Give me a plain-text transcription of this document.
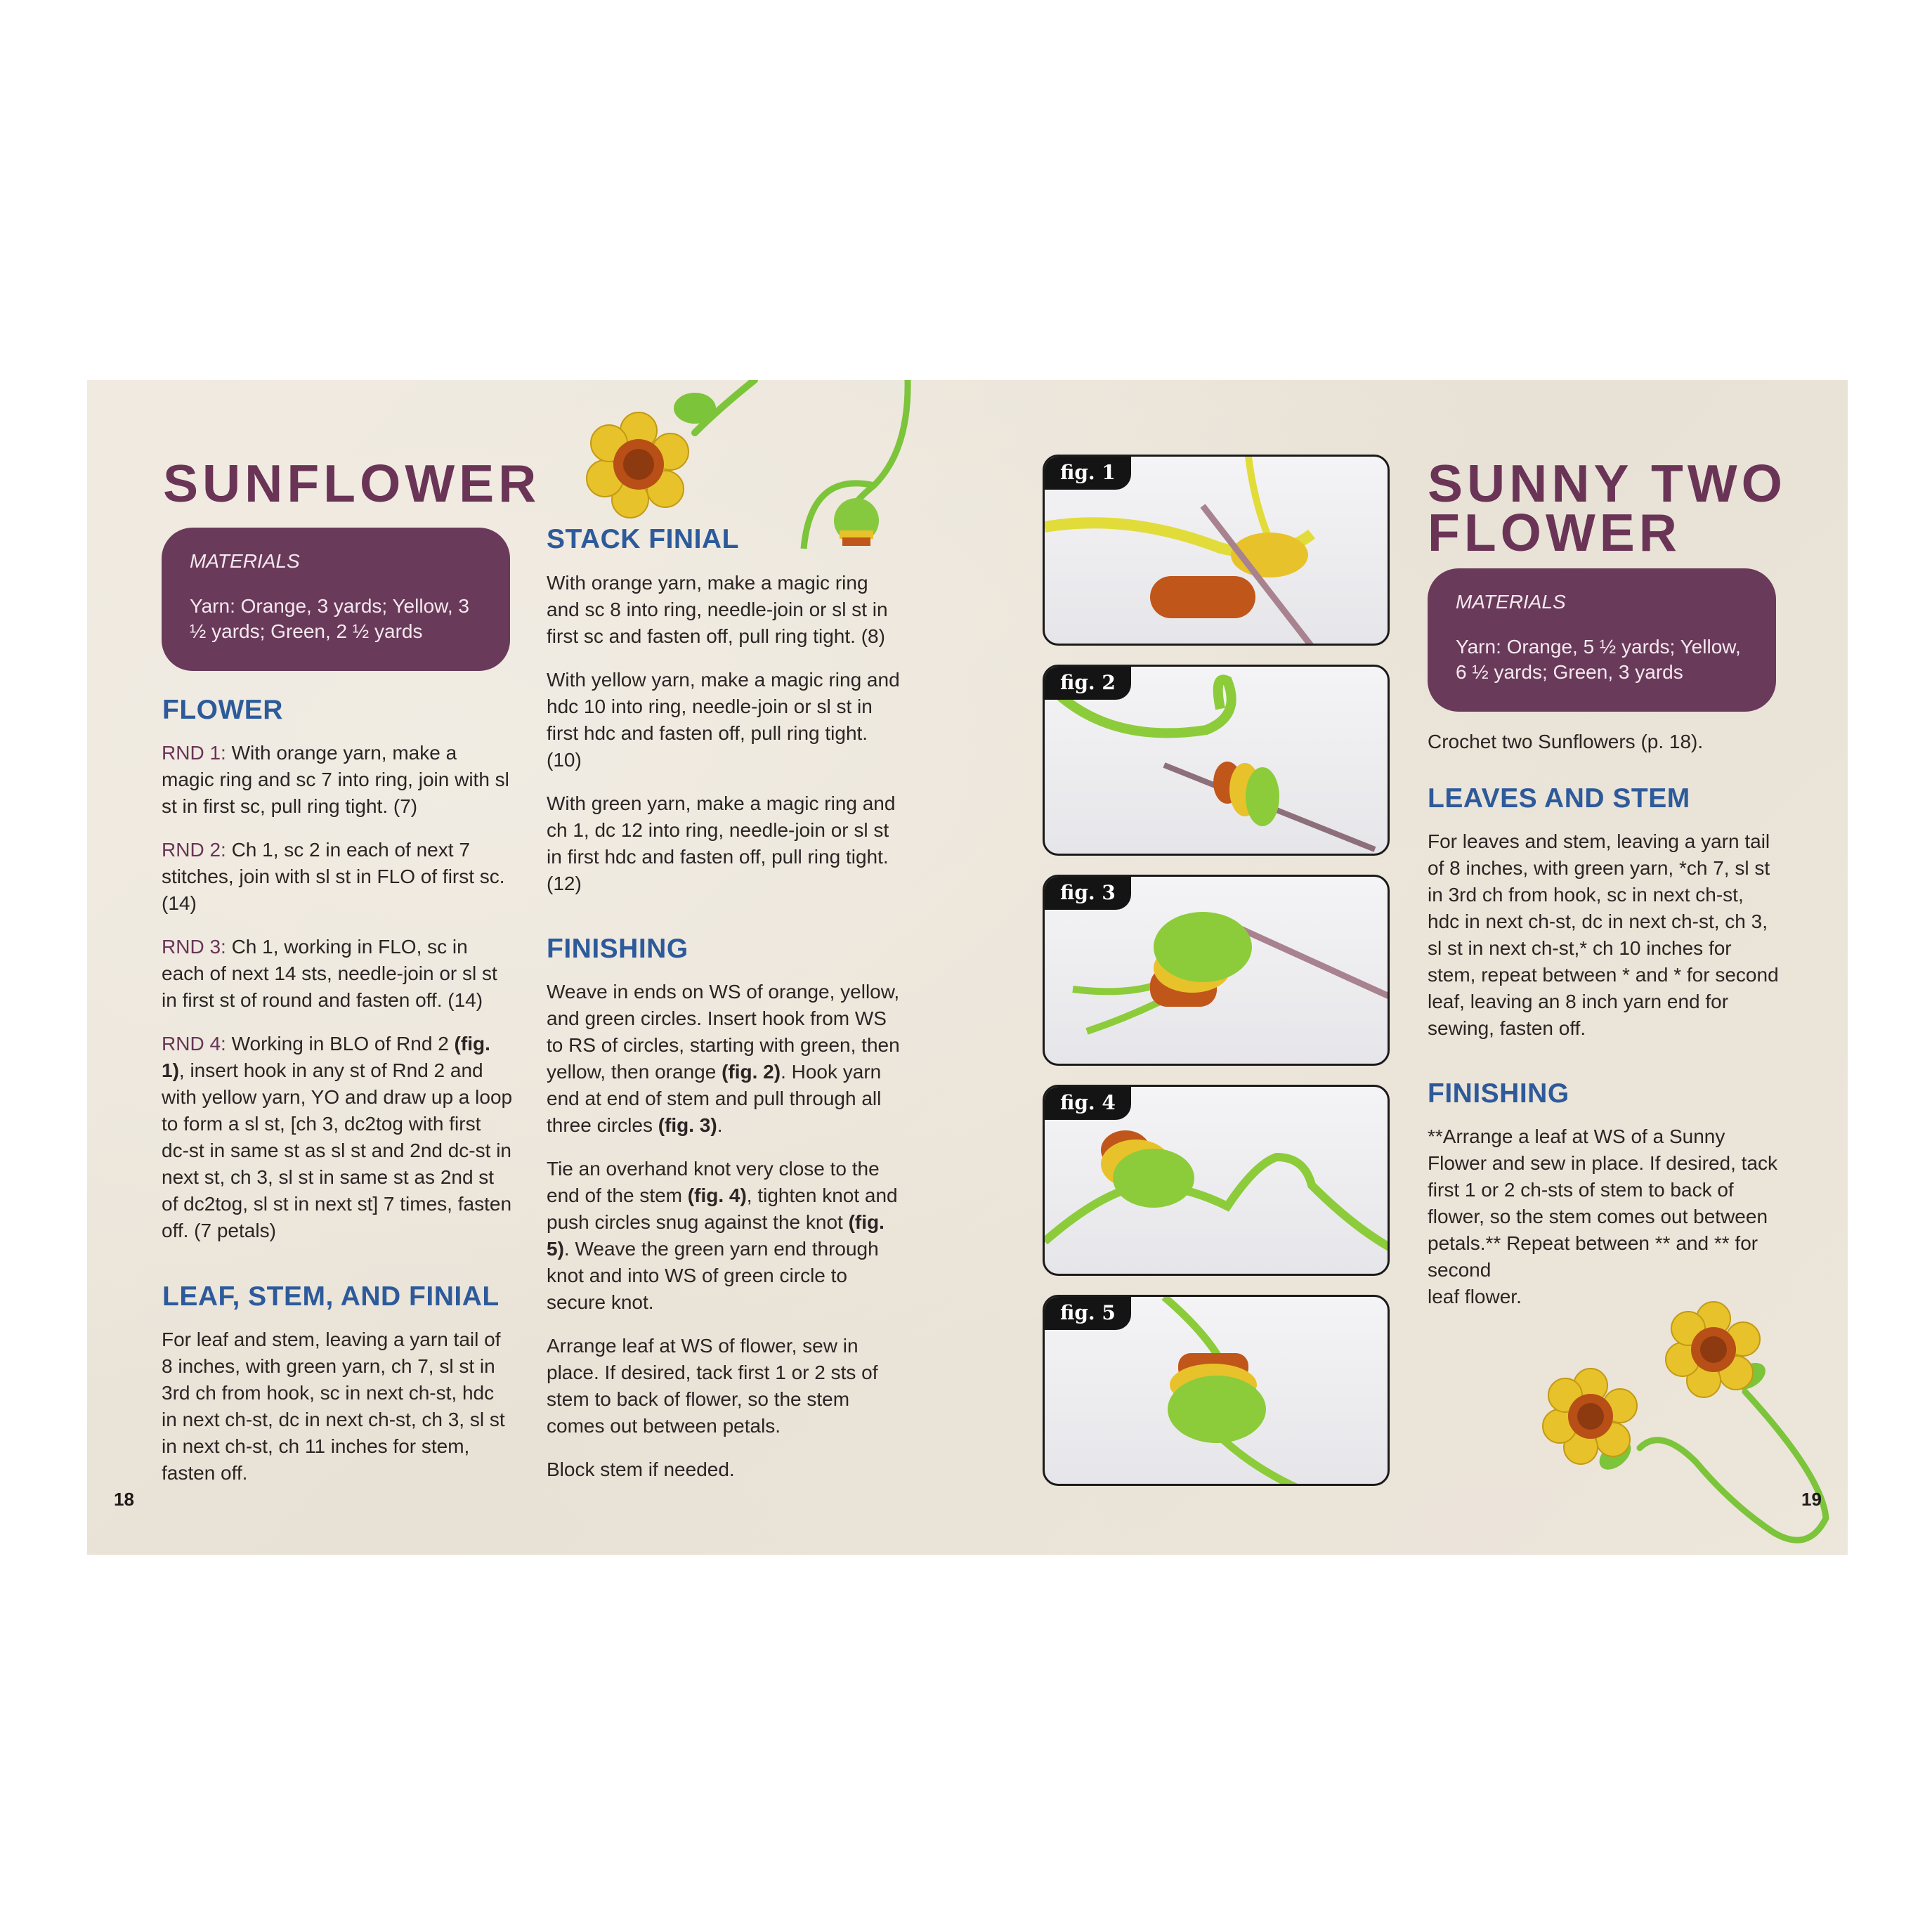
SUNFLOWER
MATERIALS
Yarn: Orange, 3 yards; Yellow, 3 ½ yards; Green, 2 ½ yards
FLOWER

RND 1: With orange yarn, make a magic ring and sc 7 into ring, join with sl st in first sc, pull ring tight. (7)

RND 2: Ch 1, sc 2 in each of next 7 stitches, join with sl st in FLO of first sc. (14)

RND 3: Ch 1, working in FLO, sc in each of next 14 sts, needle-join or sl st in first st of round and fasten off. (14)

RND 4: Working in BLO of Rnd 2 (fig. 1), insert hook in any st of Rnd 2 and with yellow yarn, YO and draw up a loop to form a sl st, [ch 3, dc2tog with first dc-st in same st as sl st and 2nd dc-st in next st, ch 3, sl st in same st as 2nd st of dc2tog, sl st in next st] 7 times, fasten off. (7 petals)

LEAF, STEM, AND FINIAL

For leaf and stem, leaving a yarn tail of 8 inches, with green yarn, ch 7, sl st in 3rd ch from hook, sc in next ch-st, hdc in next ch-st, dc in next ch-st, ch 3, sl st in next ch-st, ch 11 inches for stem, fasten off.

18
STACK FINIAL

With orange yarn, make a magic ring and sc 8 into ring, needle-join or sl st in first sc and fasten off, pull ring tight. (8)

With yellow yarn, make a magic ring and hdc 10 into ring, needle-join or sl st in first hdc and fasten off, pull ring tight. (10)

With green yarn, make a magic ring and ch 1, dc 12 into ring, needle-join or sl st in first hdc and fasten off, pull ring tight. (12)

FINISHING

Weave in ends on WS of orange, yellow, and green circles. Insert hook from WS to RS of circles, starting with green, then yellow, then orange (fig. 2). Hook yarn end at end of stem and pull through all three circles (fig. 3).

Tie an overhand knot very close to the end of the stem (fig. 4), tighten knot and push circles snug against the knot (fig. 5). Weave the green yarn end through knot and into WS of green circle to secure knot.

Arrange leaf at WS of flower, sew in place. If desired, tack first 1 or 2 sts of stem to back of flower, so the stem comes out between petals.

Block stem if needed.

fig. 1
fig. 2
fig. 3
fig. 4
fig. 5
SUNNY TWO
FLOWER
MATERIALS
Yarn: Orange, 5 ½ yards; Yellow, 6 ½ yards; Green, 3 yards
Crochet two Sunflowers (p. 18).
LEAVES AND STEM

For leaves and stem, leaving a yarn tail of 8 inches, with green yarn, *ch 7, sl st in 3rd ch from hook, sc in next ch-st, hdc in next ch-st, dc in next ch-st, ch 3, sl st in next ch-st,* ch 10 inches for stem, repeat between * and * for second leaf, leaving an 8 inch yarn end for sewing, fasten off.

FINISHING

**Arrange a leaf at WS of a Sunny Flower and sew in place. If desired, tack first 1 or 2 ch-sts of stem to back of flower, so the stem comes out between petals.** Repeat between ** and ** for second
leaf flower.

19
